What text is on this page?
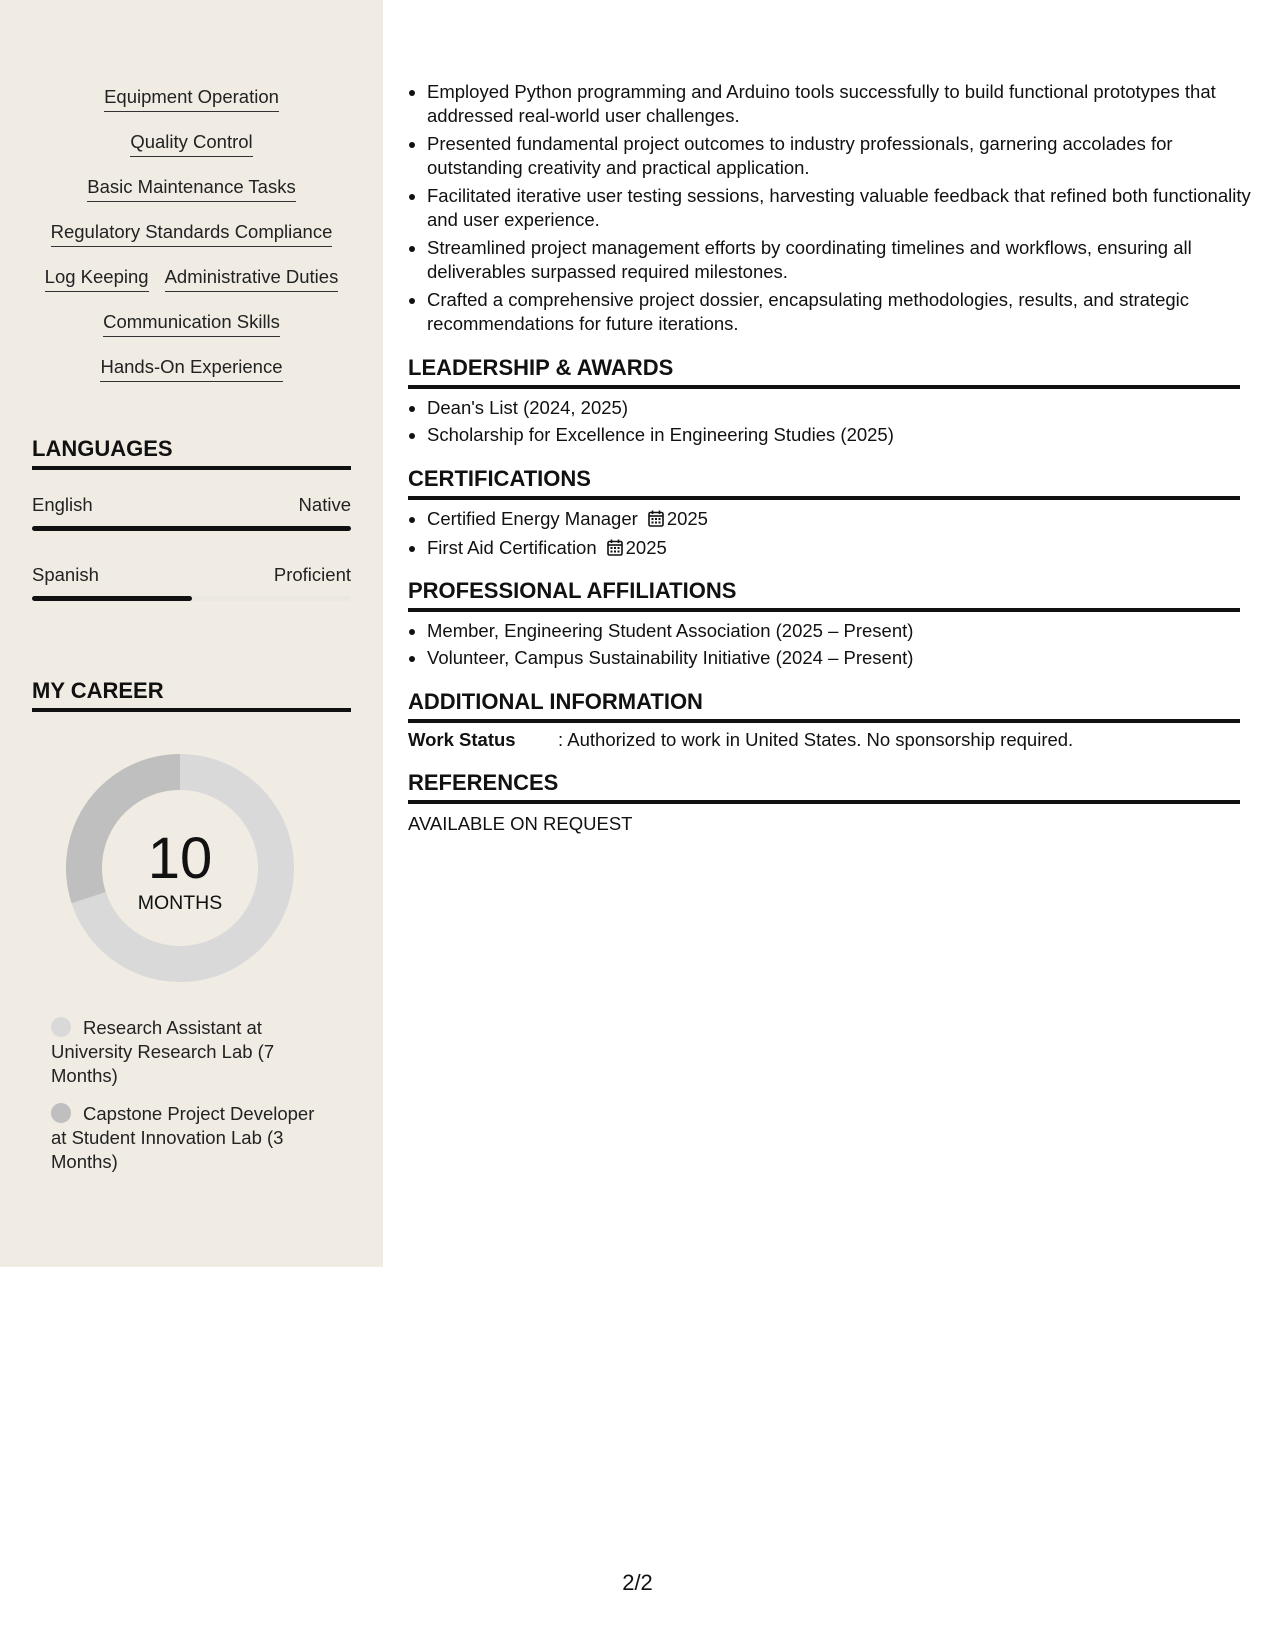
Equipment Operation
Quality Control
Basic Maintenance Tasks
Regulatory Standards Compliance
Log Keeping Administrative Duties
Communication Skills
Hands-On Experience
LANGUAGES
English	Native
Spanish	Proficient
MY CAREER
10
MONTHS
Research Assistant at University Research Lab (7 Months)
Capstone Project Developer at Student Innovation Lab (3 Months)
• Employed Python programming and Arduino tools successfully to build functional prototypes that addressed real-world user challenges.
• Presented fundamental project outcomes to industry professionals, garnering accolades for outstanding creativity and practical application.
• Facilitated iterative user testing sessions, harvesting valuable feedback that refined both functionality and user experience.
• Streamlined project management efforts by coordinating timelines and workflows, ensuring all deliverables surpassed required milestones.
• Crafted a comprehensive project dossier, encapsulating methodologies, results, and strategic recommendations for future iterations.
LEADERSHIP & AWARDS
• Dean's List (2024, 2025)
• Scholarship for Excellence in Engineering Studies (2025)
CERTIFICATIONS
• Certified Energy Manager 2025
• First Aid Certification 2025
PROFESSIONAL AFFILIATIONS
• Member, Engineering Student Association (2025 – Present)
• Volunteer, Campus Sustainability Initiative (2024 – Present)
ADDITIONAL INFORMATION
Work Status : Authorized to work in United States. No sponsorship required.
REFERENCES
AVAILABLE ON REQUEST
2/2
